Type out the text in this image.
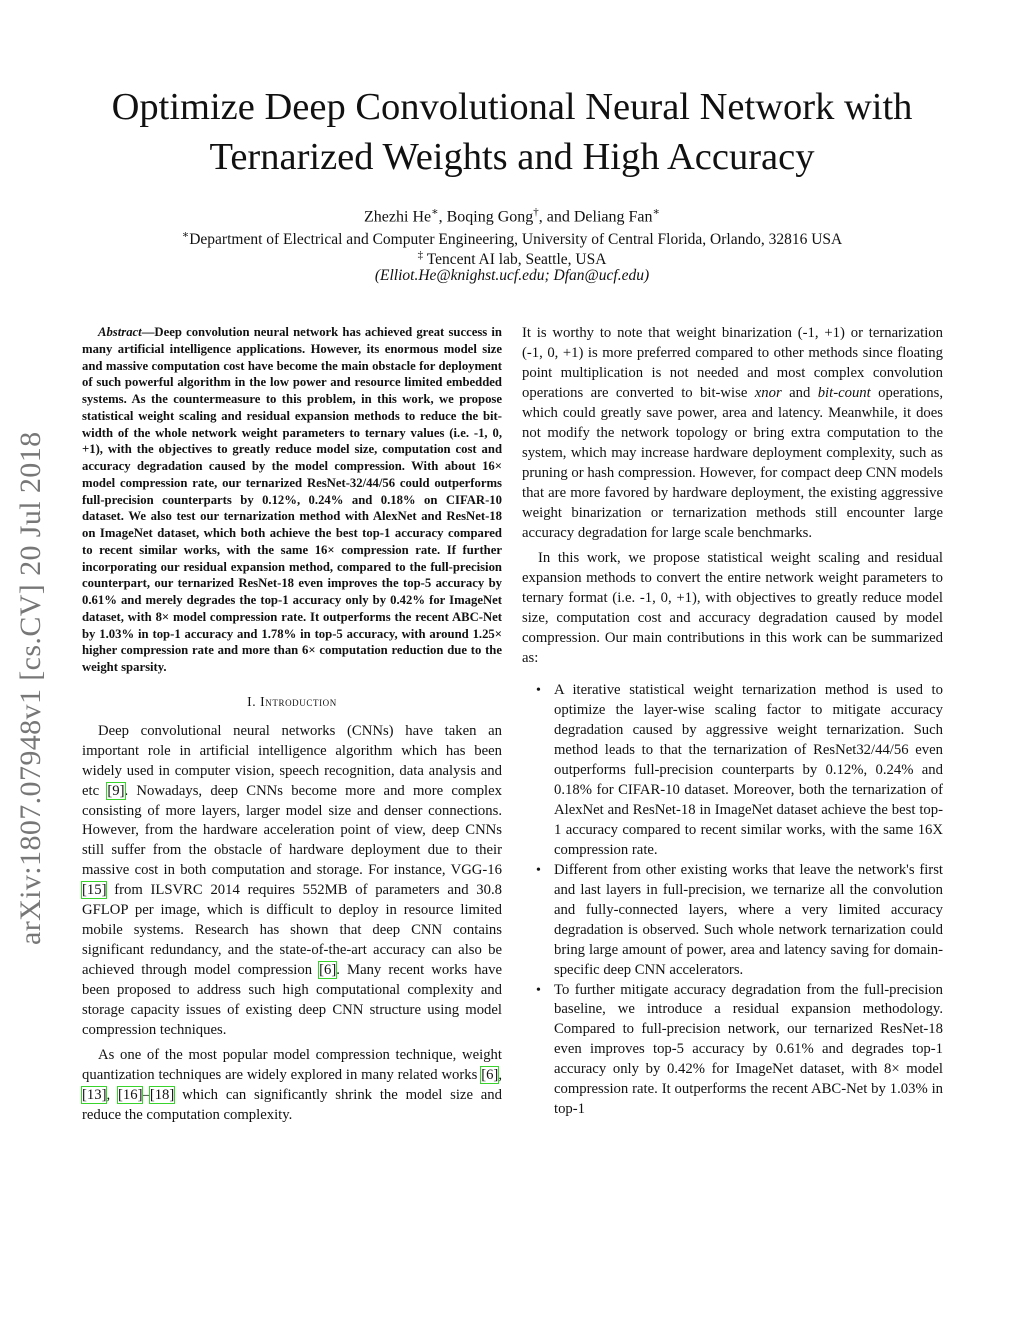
arXiv:1807.07948v1 [cs.CV] 20 Jul 2018
Optimize Deep Convolutional Neural Network with
Ternarized Weights and High Accuracy
Zhezhi He∗, Boqing Gong†, and Deliang Fan∗
∗Department of Electrical and Computer Engineering, University of Central Florida, Orlando, 32816 USA
‡ Tencent AI lab, Seattle, USA
(Elliot.He@knighst.ucf.edu; Dfan@ucf.edu)

Abstract—Deep convolution neural network has achieved great success in many artificial intelligence applications. However, its enormous model size and massive computation cost have become the main obstacle for deployment of such powerful algorithm in the low power and resource limited embedded systems. As the countermeasure to this problem, in this work, we propose statistical weight scaling and residual expansion methods to reduce the bit-width of the whole network weight parameters to ternary values (i.e. -1, 0, +1), with the objectives to greatly reduce model size, computation cost and accuracy degradation caused by the model compression. With about 16× model compression rate, our ternarized ResNet-32/44/56 could outperforms full-precision counterparts by 0.12%, 0.24% and 0.18% on CIFAR-10 dataset. We also test our ternarization method with AlexNet and ResNet-18 on ImageNet dataset, which both achieve the best top-1 accuracy compared to recent similar works, with the same 16× compression rate. If further incorporating our residual expansion method, compared to the full-precision counterpart, our ternarized ResNet-18 even improves the top-5 accuracy by 0.61% and merely degrades the top-1 accuracy only by 0.42% for ImageNet dataset, with 8× model compression rate. It outperforms the recent ABC-Net by 1.03% in top-1 accuracy and 1.78% in top-5 accuracy, with around 1.25× higher compression rate and more than 6× computation reduction due to the weight sparsity.

I. Introduction

Deep convolutional neural networks (CNNs) have taken an important role in artificial intelligence algorithm which has been widely used in computer vision, speech recognition, data analysis and etc [9]. Nowadays, deep CNNs become more and more complex consisting of more layers, larger model size and denser connections. However, from the hardware acceleration point of view, deep CNNs still suffer from the obstacle of hardware deployment due to their massive cost in both computation and storage. For instance, VGG-16 [15] from ILSVRC 2014 requires 552MB of parameters and 30.8 GFLOP per image, which is difficult to deploy in resource limited mobile systems. Research has shown that deep CNN contains significant redundancy, and the state-of-the-art accuracy can also be achieved through model compression [6]. Many recent works have been proposed to address such high computational complexity and storage capacity issues of existing deep CNN structure using model compression techniques.

As one of the most popular model compression technique, weight quantization techniques are widely explored in many related works [6], [13], [16]–[18] which can significantly shrink the model size and reduce the computation complexity.

It is worthy to note that weight binarization (-1, +1) or ternarization (-1, 0, +1) is more preferred compared to other methods since floating point multiplication is not needed and most complex convolution operations are converted to bit-wise xnor and bit-count operations, which could greatly save power, area and latency. Meanwhile, it does not modify the network topology or bring extra computation to the system, which may increase hardware deployment complexity, such as pruning or hash compression. However, for compact deep CNN models that are more favored by hardware deployment, the existing aggressive weight binarization or ternarization methods still encounter large accuracy degradation for large scale benchmarks.

In this work, we propose statistical weight scaling and residual expansion methods to convert the entire network weight parameters to ternary format (i.e. -1, 0, +1), with objectives to greatly reduce model size, computation cost and accuracy degradation caused by model compression. Our main contributions in this work can be summarized as:

• A iterative statistical weight ternarization method is used to optimize the layer-wise scaling factor to mitigate accuracy degradation caused by aggressive weight ternarization. Such method leads to that the ternarization of ResNet32/44/56 even outperforms full-precision counterparts by 0.12%, 0.24% and 0.18% for CIFAR-10 dataset. Moreover, both the ternarization of AlexNet and ResNet-18 in ImageNet dataset achieve the best top-1 accuracy compared to recent similar works, with the same 16X compression rate.
• Different from other existing works that leave the network's first and last layers in full-precision, we ternarize all the convolution and fully-connected layers, where a very limited accuracy degradation is observed. Such whole network ternarization could bring large amount of power, area and latency saving for domain-specific deep CNN accelerators.
• To further mitigate accuracy degradation from the full-precision baseline, we introduce a residual expansion methodology. Compared to full-precision network, our ternarized ResNet-18 even improves top-5 accuracy by 0.61% and degrades top-1 accuracy only by 0.42% for ImageNet dataset, with 8× model compression rate. It outperforms the recent ABC-Net by 1.03% in top-1
